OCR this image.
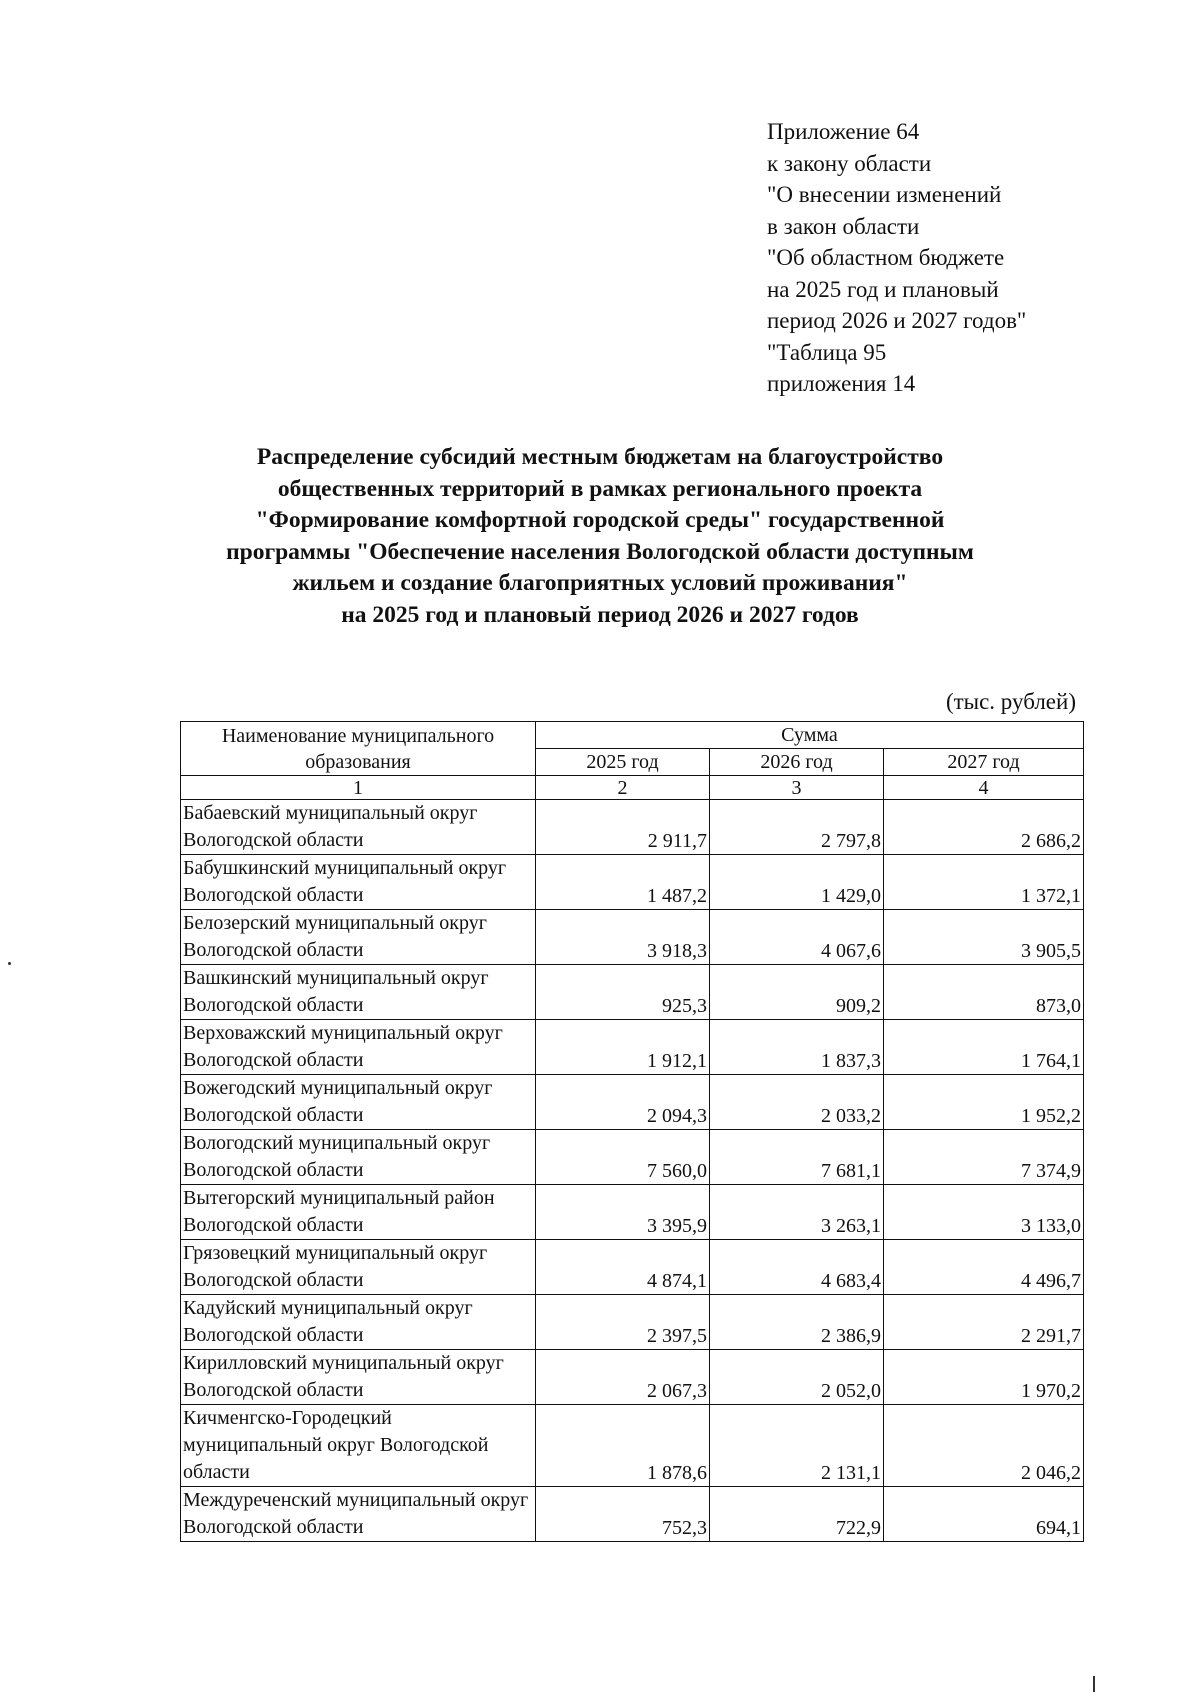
Приложение 64
к закону области
"О внесении изменений
в закон области
"Об областном бюджете
на 2025 год и плановый
период 2026 и 2027 годов"
"Таблица 95
приложения 14
Распределение субсидий местным бюджетам на благоустройство
общественных территорий в рамках регионального проекта
"Формирование комфортной городской среды" государственной
программы "Обеспечение населения Вологодской области доступным
жильем и создание благоприятных условий проживания"
на 2025 год и плановый период 2026 и 2027 годов
(тыс. рублей)
Наименование муниципального образования	Сумма		
	2025 год	2026 год	2027 год
1	2	3	4
Бабаевский муниципальный округ Вологодской области	2 911,7	2 797,8	2 686,2
Бабушкинский муниципальный округ Вологодской области	1 487,2	1 429,0	1 372,1
Белозерский муниципальный округ Вологодской области	3 918,3	4 067,6	3 905,5
Вашкинский муниципальный округ Вологодской области	925,3	909,2	873,0
Верховажский муниципальный округ Вологодской области	1 912,1	1 837,3	1 764,1
Вожегодский муниципальный округ Вологодской области	2 094,3	2 033,2	1 952,2
Вологодский муниципальный округ Вологодской области	7 560,0	7 681,1	7 374,9
Вытегорский муниципальный район Вологодской области	3 395,9	3 263,1	3 133,0
Грязовецкий муниципальный округ Вологодской области	4 874,1	4 683,4	4 496,7
Кадуйский муниципальный округ Вологодской области	2 397,5	2 386,9	2 291,7
Кирилловский муниципальный округ Вологодской области	2 067,3	2 052,0	1 970,2
Кичменгско-Городецкий муниципальный округ Вологодской области	1 878,6	2 131,1	2 046,2
Междуреченский муниципальный округ Вологодской области	752,3	722,9	694,1
